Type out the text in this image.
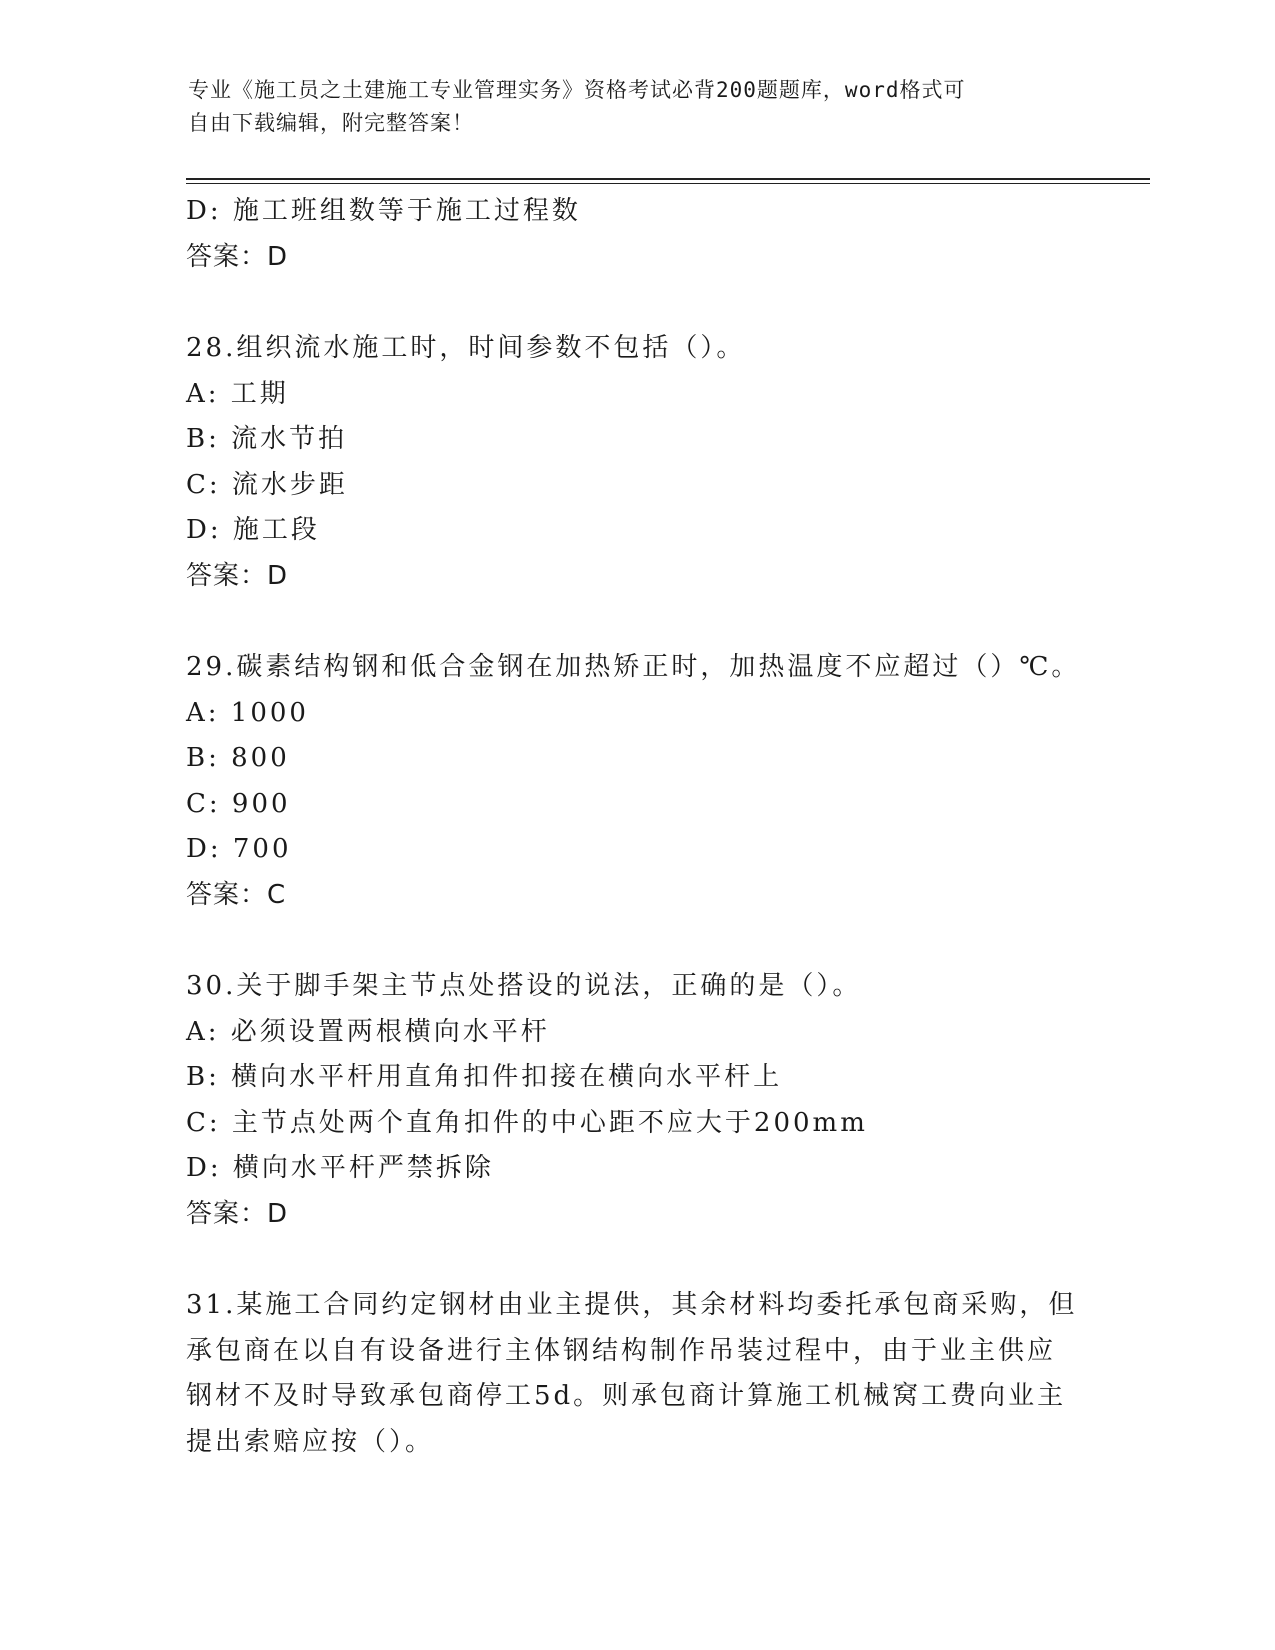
专业《施工员之土建施工专业管理实务》资格考试必背200题题库，word格式可
自由下载编辑，附完整答案！
D: 施工班组数等于施工过程数
答案：D
28.组织流水施工时，时间参数不包括（）。
A: 工期
B: 流水节拍
C: 流水步距
D: 施工段
答案：D
29.碳素结构钢和低合金钢在加热矫正时，加热温度不应超过（）℃。
A: 1000
B: 800
C: 900
D: 700
答案：C
30.关于脚手架主节点处搭设的说法，正确的是（）。
A: 必须设置两根横向水平杆
B: 横向水平杆用直角扣件扣接在横向水平杆上
C: 主节点处两个直角扣件的中心距不应大于200mm
D: 横向水平杆严禁拆除
答案：D
31.某施工合同约定钢材由业主提供，其余材料均委托承包商采购，但
承包商在以自有设备进行主体钢结构制作吊装过程中，由于业主供应
钢材不及时导致承包商停工5d。则承包商计算施工机械窝工费向业主
提出索赔应按（）。
